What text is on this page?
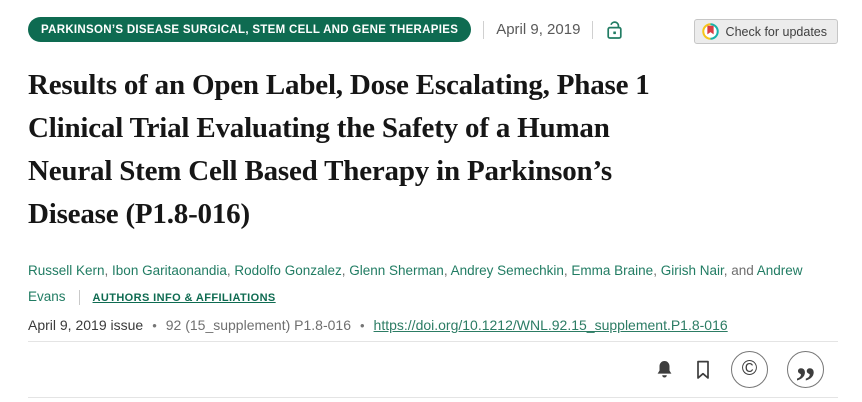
PARKINSON’S DISEASE SURGICAL, STEM CELL AND GENE THERAPIES	April 9, 2019	Check for updates
Results of an Open Label, Dose Escalating, Phase 1
Clinical Trial Evaluating the Safety of a Human
Neural Stem Cell Based Therapy in Parkinson’s
Disease (P1.8-016)

Russell Kern, Ibon Garitaonandia, Rodolfo Gonzalez, Glenn Sherman, Andrey Semechkin, Emma Braine, Girish Nair, and Andrew Evans AUTHORS INFO & AFFILIATIONS

April 9, 2019 issue • 92 (15_supplement) P1.8-016 • https://doi.org/10.1212/WNL.92.15_supplement.P1.8-016
© ”
